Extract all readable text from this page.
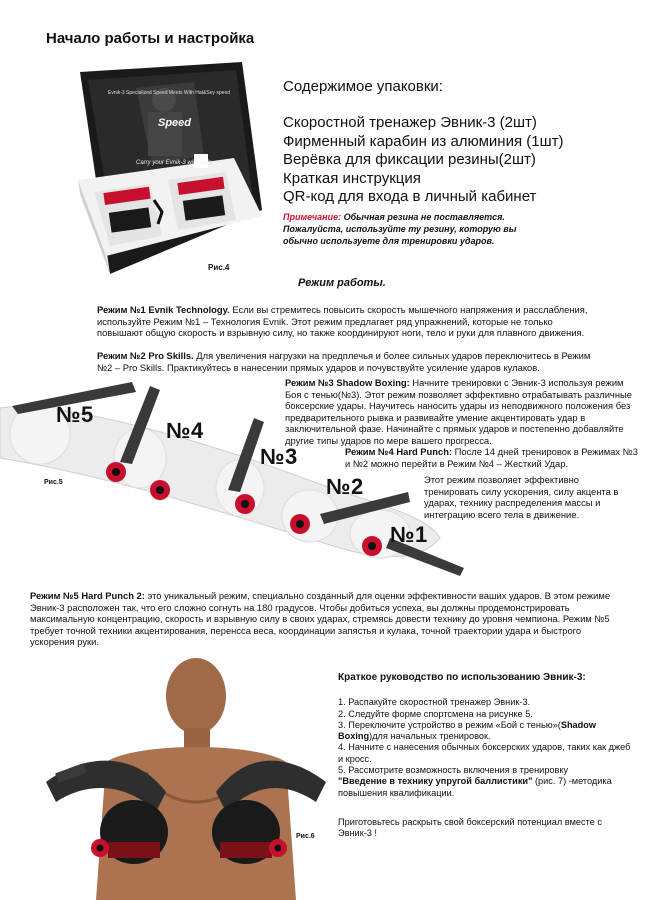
Начало работы и настройка
Evnik-3 Specialized Speed Meets With Hat&Sey speed
Speed
Carry your Evnik-3 with style
Рис.4
Содержимое упаковки:
Скоростной тренажер Эвник-3 (2шт)
Фирменный карабин из алюминия (1шт)
Верёвка для фиксации резины(2шт)
Краткая инструкция
QR-код для входа в личный кабинет
Примечание: Обычная резина не поставляется. Пожалуйста, используйте ту резину, которую вы обычно используете для тренировки ударов.
Режим работы.
Режим №1 Evnik Technology. Если вы стремитесь повысить скорость мышечного напряжения и расслабления, используйте Режим №1 – Технология Evnik. Этот режим предлагает ряд упражнений, которые не только повышают общую скорость и взрывную силу, но также координируют ноги, тело и руки для плавного движения.
Режим №2 Pro Skills. Для увеличения нагрузки на предплечья и более сильных ударов переключитесь в Режим №2 – Pro Skills. Практикуйтесь в нанесении прямых ударов и почувствуйте усиление ударов кулаков.
№5
№4
№3
№2
№1
Рис.5
Режим №3 Shadow Boxing: Начните тренировки с Эвник-3 используя режим Боя с тенью(№3). Этот режим позволяет эффективно отрабатывать различные боксерские удары. Научитесь наносить удары из неподвижного положения без предварительного рывка и развивайте умение акцентировать удар в заключительной фазе. Начинайте с прямых ударов и постепенно добавляйте другие типы ударов по мере вашего прогресса.
Режим №4 Hard Punch: После 14 дней тренировок в Режимах №3 и №2 можно перейти в Режим №4 – Жесткий Удар.
Этот режим позволяет эффективно тренировать силу ускорения, силу акцента в ударах, технику распределения массы и интеграцию всего тела в движение.
Режим №5 Hard Punch 2: это уникальный режим, специально созданный для оценки эффективности ваших ударов. В этом режиме Эвник-3 расположен так, что его сложно согнуть на 180 градусов. Чтобы добиться успеха, вы должны продемонстрировать максимальную концентрацию, скорость и взрывную силу в своих ударах, стремясь довести технику до уровня чемпиона. Режим №5 требует точной техники акцентирования, перенсса веса, координации запястья и кулака, точной траектории удара и быстрого ускорения руки.
Рис.6
Краткое руководство по использованию Эвник-3:
1. Распакуйте скоростной тренажер Эвник-3.
2. Следуйте форме спортсмена на рисунке 5.
3. Переключите устройство в режим «Бой с тенью»(Shadow Boxing)для начальных тренировок.
4. Начните с нанесения обычных боксерских ударов, таких как джеб и кросс.
5. Рассмотрите возможность включения в тренировку
"Введение в технику упругой баллистики" (рис. 7) -методика повышения квалификации.
Приготовьтесь раскрыть свой боксерский потенциал вместе с Эвник-3 !
